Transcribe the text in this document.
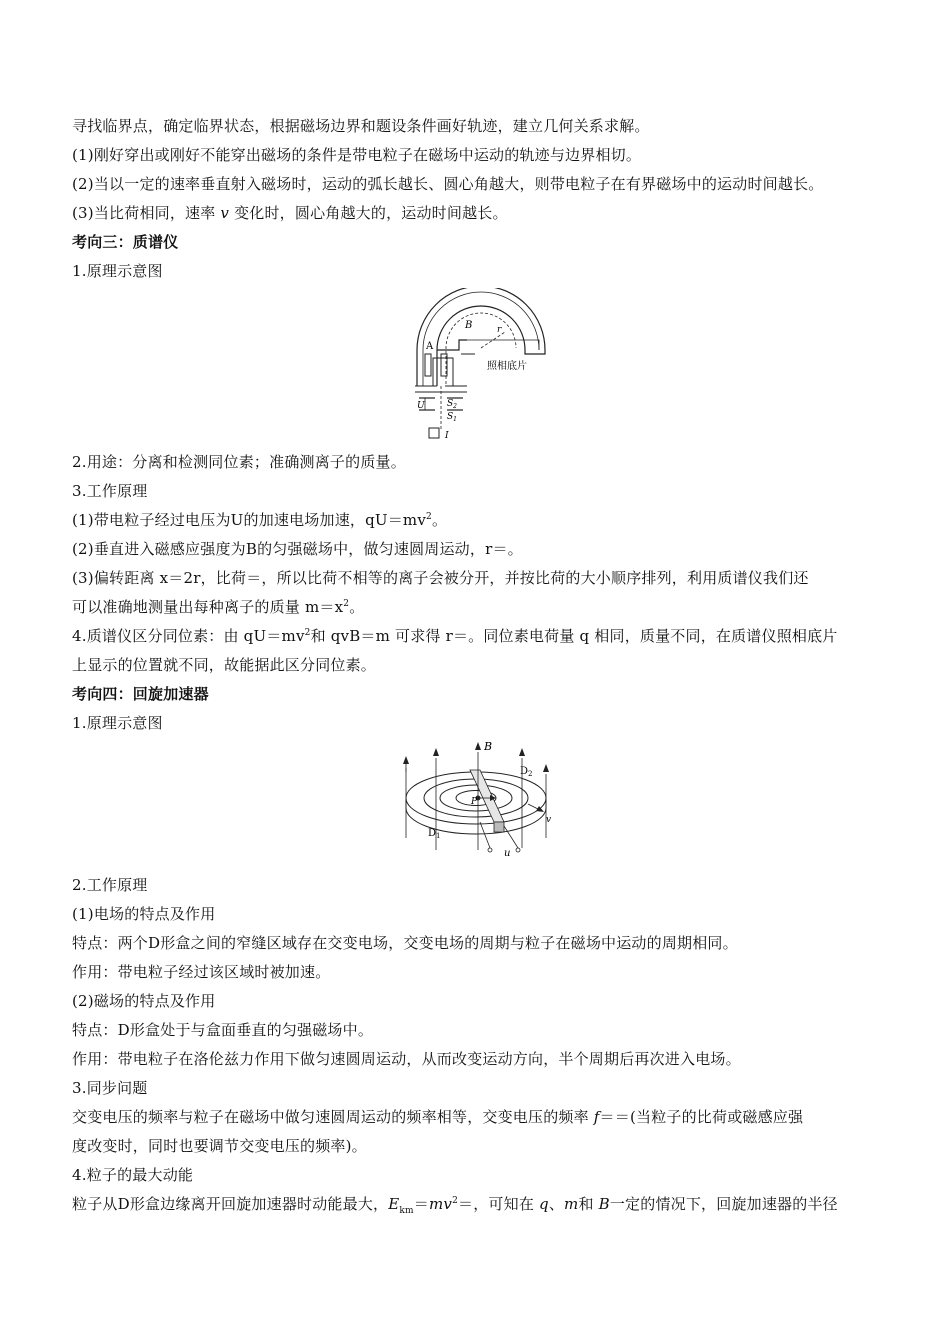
寻找临界点，确定临界状态，根据磁场边界和题设条件画好轨迹，建立几何关系求解。
(1)刚好穿出或刚好不能穿出磁场的条件是带电粒子在磁场中运动的轨迹与边界相切。
(2)当以一定的速率垂直射入磁场时，运动的弧长越长、圆心角越大，则带电粒子在有界磁场中的运动时间越长。
(3)当比荷相同，速率 v 变化时，圆心角越大的，运动时间越长。
考向三：质谱仪
1.原理示意图
A
B	r
照相底片
U $S_2$
$S_1$
I
2.用途：分离和检测同位素；准确测离子的质量。
3.工作原理
(1)带电粒子经过电压为U的加速电场加速，$qU=mv^2$。
(2)垂直进入磁感应强度为B的匀强磁场中，做匀速圆周运动，r＝。
(3)偏转距离 x＝2r，比荷＝，所以比荷不相等的离子会被分开，并按比荷的大小顺序排列，利用质谱仪我们还
可以准确地测量出每种离子的质量 $m=x^2$。
4.质谱仪区分同位素：由 $qU=mv^2$和 qvB＝m 可求得 r＝。同位素电荷量 q 相同，质量不同，在质谱仪照相底片
上显示的位置就不同，故能据此区分同位素。
考向四：回旋加速器
1.原理示意图
B
$D_2$
$D_1$
P
v
u
2.工作原理
(1)电场的特点及作用
特点：两个D形盒之间的窄缝区域存在交变电场，交变电场的周期与粒子在磁场中运动的周期相同。
作用：带电粒子经过该区域时被加速。
(2)磁场的特点及作用
特点：D形盒处于与盒面垂直的匀强磁场中。
作用：带电粒子在洛伦兹力作用下做匀速圆周运动，从而改变运动方向，半个周期后再次进入电场。
3.同步问题
交变电压的频率与粒子在磁场中做匀速圆周运动的频率相等，交变电压的频率 f＝＝(当粒子的比荷或磁感应强
度改变时，同时也要调节交变电压的频率)。
4.粒子的最大动能
粒子从D形盒边缘离开回旋加速器时动能最大，$E_{km}=mv^2=$，可知在 q、m和 B一定的情况下，回旋加速器的半径
